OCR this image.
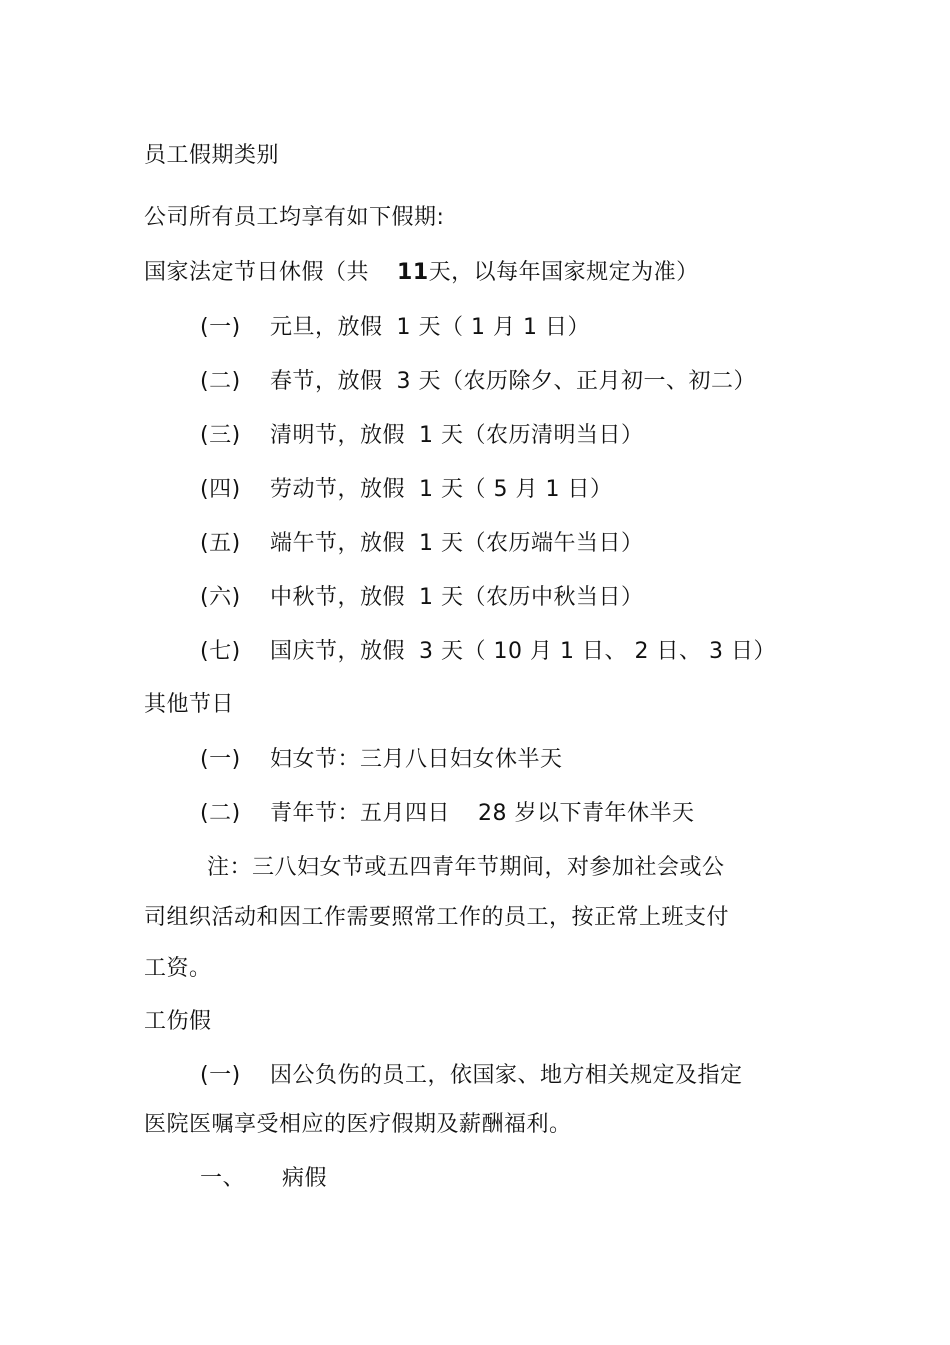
员工假期类别
公司所有员工均享有如下假期:
国家法定节日休假（共 11天，以每年国家规定为准）
(一) 元旦，放假 1 天（ 1 月 1 日）
(二) 春节，放假 3 天（农历除夕、正月初一、初二）
(三) 清明节，放假 1 天（农历清明当日）
(四) 劳动节，放假 1 天（ 5 月 1 日）
(五) 端午节，放假 1 天（农历端午当日）
(六) 中秋节，放假 1 天（农历中秋当日）
(七) 国庆节，放假 3 天（ 10 月 1 日、 2 日、 3 日）
其他节日
(一) 妇女节：三月八日妇女休半天
(二) 青年节：五月四日 28 岁以下青年休半天
注：三八妇女节或五四青年节期间，对参加社会或公
司组织活动和因工作需要照常工作的员工，按正常上班支付
工资。
工伤假
(一) 因公负伤的员工，依国家、地方相关规定及指定
医院医嘱享受相应的医疗假期及薪酬福利。
一、 病假
